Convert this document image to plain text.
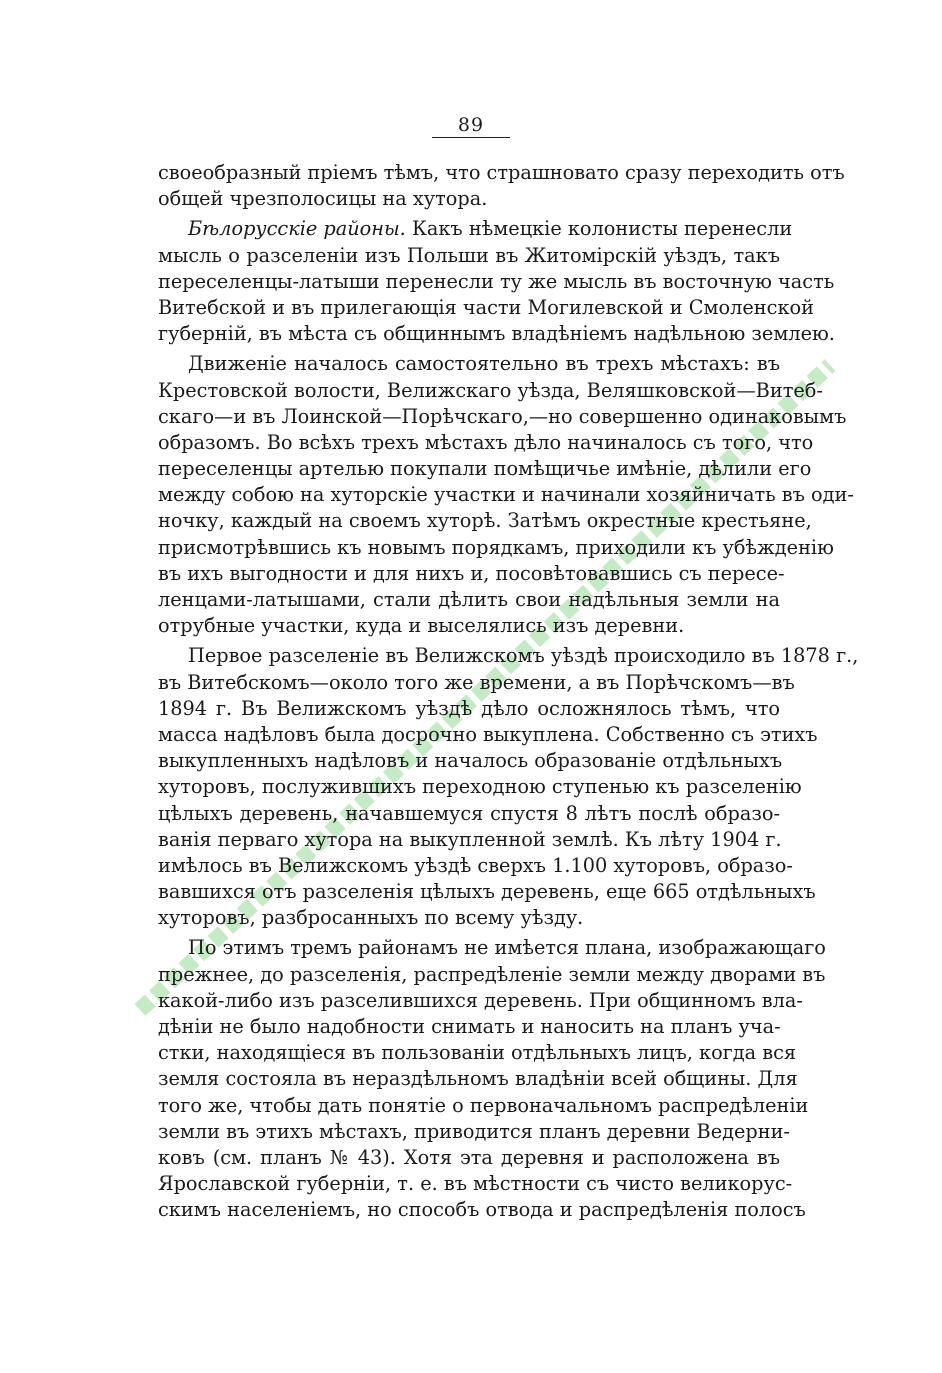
89
своеобразный пріемъ тѣмъ, что страшновато сразу переходить отъ
общей чрезполосицы на хутора.
Бѣлорусскіе районы. Какъ нѣмецкіе колонисты перенесли
мысль о разселеніи изъ Польши въ Житомірскій уѣздъ, такъ
переселенцы-латыши перенесли ту же мысль въ восточную часть
Витебской и въ прилегающія части Могилевской и Смоленской
губерній, въ мѣста съ общиннымъ владѣніемъ надѣльною землею.
Движеніе началось самостоятельно въ трехъ мѣстахъ: въ
Крестовской волости, Велижскаго уѣзда, Веляшковской—Витеб-
скаго—и въ Лоинской—Порѣчскаго,—но совершенно одинаковымъ
образомъ. Во всѣхъ трехъ мѣстахъ дѣло начиналось съ того, что
переселенцы артелью покупали помѣщичье имѣніе, дѣлили его
между собою на хуторскіе участки и начинали хозяйничать въ оди-
ночку, каждый на своемъ хуторѣ. Затѣмъ окрестные крестьяне,
присмотрѣвшись къ новымъ порядкамъ, приходили къ убѣжденію
въ ихъ выгодности и для нихъ и, посовѣтовавшись съ пересе-
ленцами-латышами, стали дѣлить свои надѣльныя земли на
отрубные участки, куда и выселялись изъ деревни.
Первое разселеніе въ Велижскомъ уѣздѣ происходило въ 1878 г.,
въ Витебскомъ—около того же времени, а въ Порѣчскомъ—въ
1894 г. Въ Велижскомъ уѣздѣ дѣло осложнялось тѣмъ, что
масса надѣловъ была досрочно выкуплена. Собственно съ этихъ
выкупленныхъ надѣловъ и началось образованіе отдѣльныхъ
хуторовъ, послужившихъ переходною ступенью къ разселенію
цѣлыхъ деревень, начавшемуся спустя 8 лѣтъ послѣ образо-
ванія перваго хутора на выкупленной землѣ. Къ лѣту 1904 г.
имѣлось въ Велижскомъ уѣздѣ сверхъ 1.100 хуторовъ, образо-
вавшихся отъ разселенія цѣлыхъ деревень, еще 665 отдѣльныхъ
хуторовъ, разбросанныхъ по всему уѣзду.
По этимъ тремъ районамъ не имѣется плана, изображающаго
прежнее, до разселенія, распредѣленіе земли между дворами въ
какой-либо изъ разселившихся деревень. При общинномъ вла-
дѣніи не было надобности снимать и наносить на планъ уча-
стки, находящіеся въ пользованіи отдѣльныхъ лицъ, когда вся
земля состояла въ нераздѣльномъ владѣніи всей общины. Для
того же, чтобы дать понятіе о первоначальномъ распредѣленіи
земли въ этихъ мѣстахъ, приводится планъ деревни Ведерни-
ковъ (см. планъ № 43). Хотя эта деревня и расположена въ
Ярославской губерніи, т. е. въ мѣстности съ чисто великорус-
скимъ населеніемъ, но способъ отвода и распредѣленія полосъ
